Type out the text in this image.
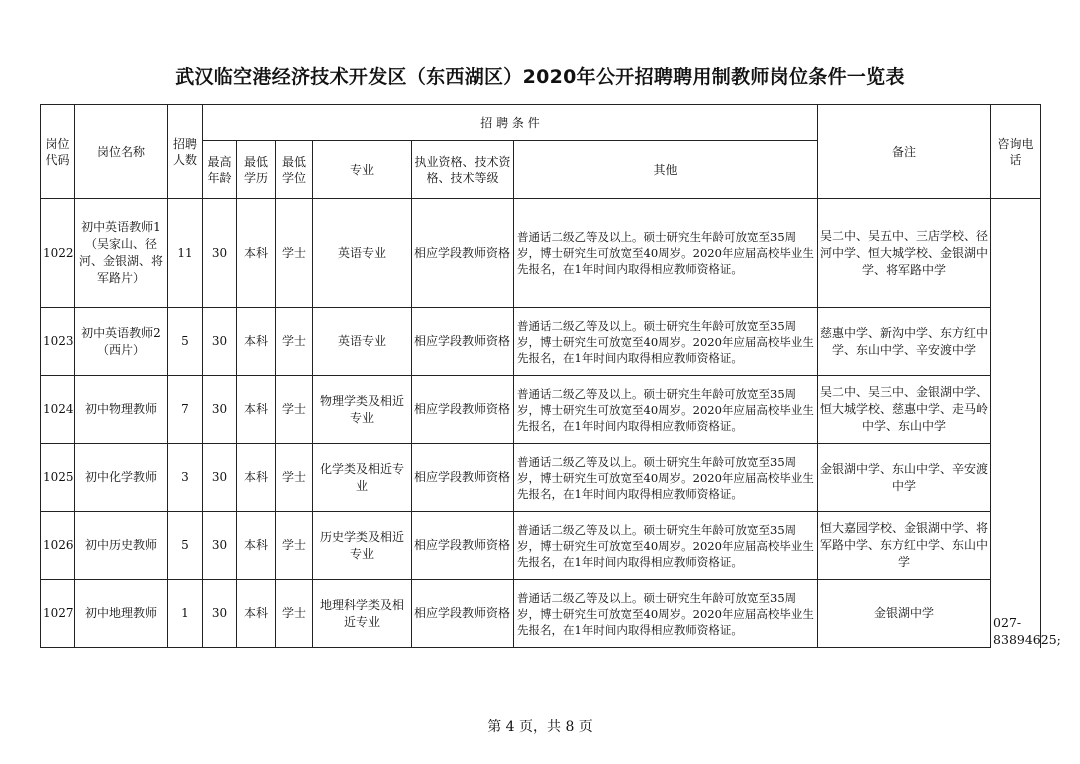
武汉临空港经济技术开发区（东西湖区）2020年公开招聘聘用制教师岗位条件一览表
岗位代码	岗位名称	招聘人数	招 聘 条 件						备注	咨询电话
			最高年龄	最低学历	最低学位	专业	执业资格、技术资格、技术等级	其他		
1022	初中英语教师1（吴家山、径河、金银湖、将军路片）	11	30	本科	学士	英语专业	相应学段教师资格	普通话二级乙等及以上。硕士研究生年龄可放宽至35周岁，博士研究生可放宽至40周岁。2020年应届高校毕业生先报名，在1年时间内取得相应教师资格证。	吴二中、吴五中、三店学校、径河中学、恒大城学校、金银湖中学、将军路中学	027-83894625;
1023	初中英语教师2（西片）	5	30	本科	学士	英语专业	相应学段教师资格	普通话二级乙等及以上。硕士研究生年龄可放宽至35周岁，博士研究生可放宽至40周岁。2020年应届高校毕业生先报名，在1年时间内取得相应教师资格证。	慈惠中学、新沟中学、东方红中学、东山中学、辛安渡中学	
1024	初中物理教师	7	30	本科	学士	物理学类及相近专业	相应学段教师资格	普通话二级乙等及以上。硕士研究生年龄可放宽至35周岁，博士研究生可放宽至40周岁。2020年应届高校毕业生先报名，在1年时间内取得相应教师资格证。	吴二中、吴三中、金银湖中学、恒大城学校、慈惠中学、走马岭中学、东山中学	
1025	初中化学教师	3	30	本科	学士	化学类及相近专业	相应学段教师资格	普通话二级乙等及以上。硕士研究生年龄可放宽至35周岁，博士研究生可放宽至40周岁。2020年应届高校毕业生先报名，在1年时间内取得相应教师资格证。	金银湖中学、东山中学、辛安渡中学	
1026	初中历史教师	5	30	本科	学士	历史学类及相近专业	相应学段教师资格	普通话二级乙等及以上。硕士研究生年龄可放宽至35周岁，博士研究生可放宽至40周岁。2020年应届高校毕业生先报名，在1年时间内取得相应教师资格证。	恒大嘉园学校、金银湖中学、将军路中学、东方红中学、东山中学	
1027	初中地理教师	1	30	本科	学士	地理科学类及相近专业	相应学段教师资格	普通话二级乙等及以上。硕士研究生年龄可放宽至35周岁，博士研究生可放宽至40周岁。2020年应届高校毕业生先报名，在1年时间内取得相应教师资格证。	金银湖中学	
第 4 页，共 8 页
